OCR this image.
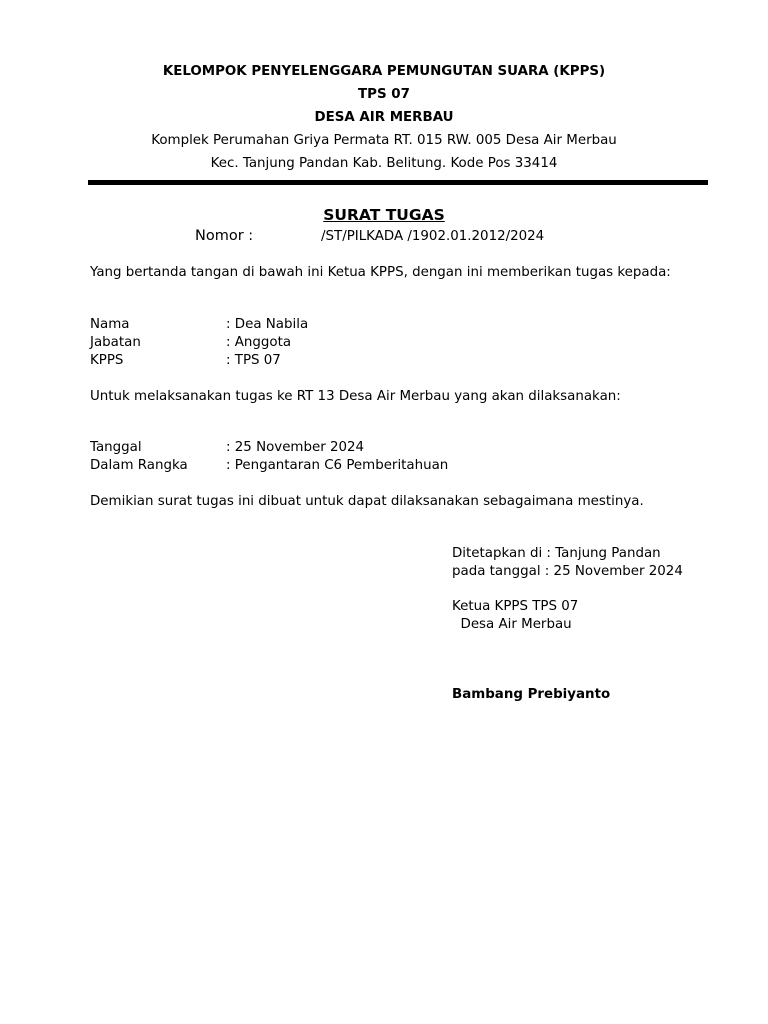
KELOMPOK PENYELENGGARA PEMUNGUTAN SUARA (KPPS)
TPS 07
DESA AIR MERBAU
Komplek Perumahan Griya Permata RT. 015 RW. 005 Desa Air Merbau
Kec. Tanjung Pandan Kab. Belitung. Kode Pos 33414
SURAT TUGAS
Nomor :	/ST/PILKADA /1902.01.2012/2024
Yang bertanda tangan di bawah ini Ketua KPPS, dengan ini memberikan tugas kepada:
Nama	: Dea Nabila
Jabatan	: Anggota
KPPS	: TPS 07
Untuk melaksanakan tugas ke RT 13 Desa Air Merbau yang akan dilaksanakan:
Tanggal	: 25 November 2024
Dalam Rangka	: Pengantaran C6 Pemberitahuan
Demikian surat tugas ini dibuat untuk dapat dilaksanakan sebagaimana mestinya.
Ditetapkan di : Tanjung Pandan
pada tanggal : 25 November 2024
Ketua KPPS TPS 07
Desa Air Merbau
Bambang Prebiyanto
